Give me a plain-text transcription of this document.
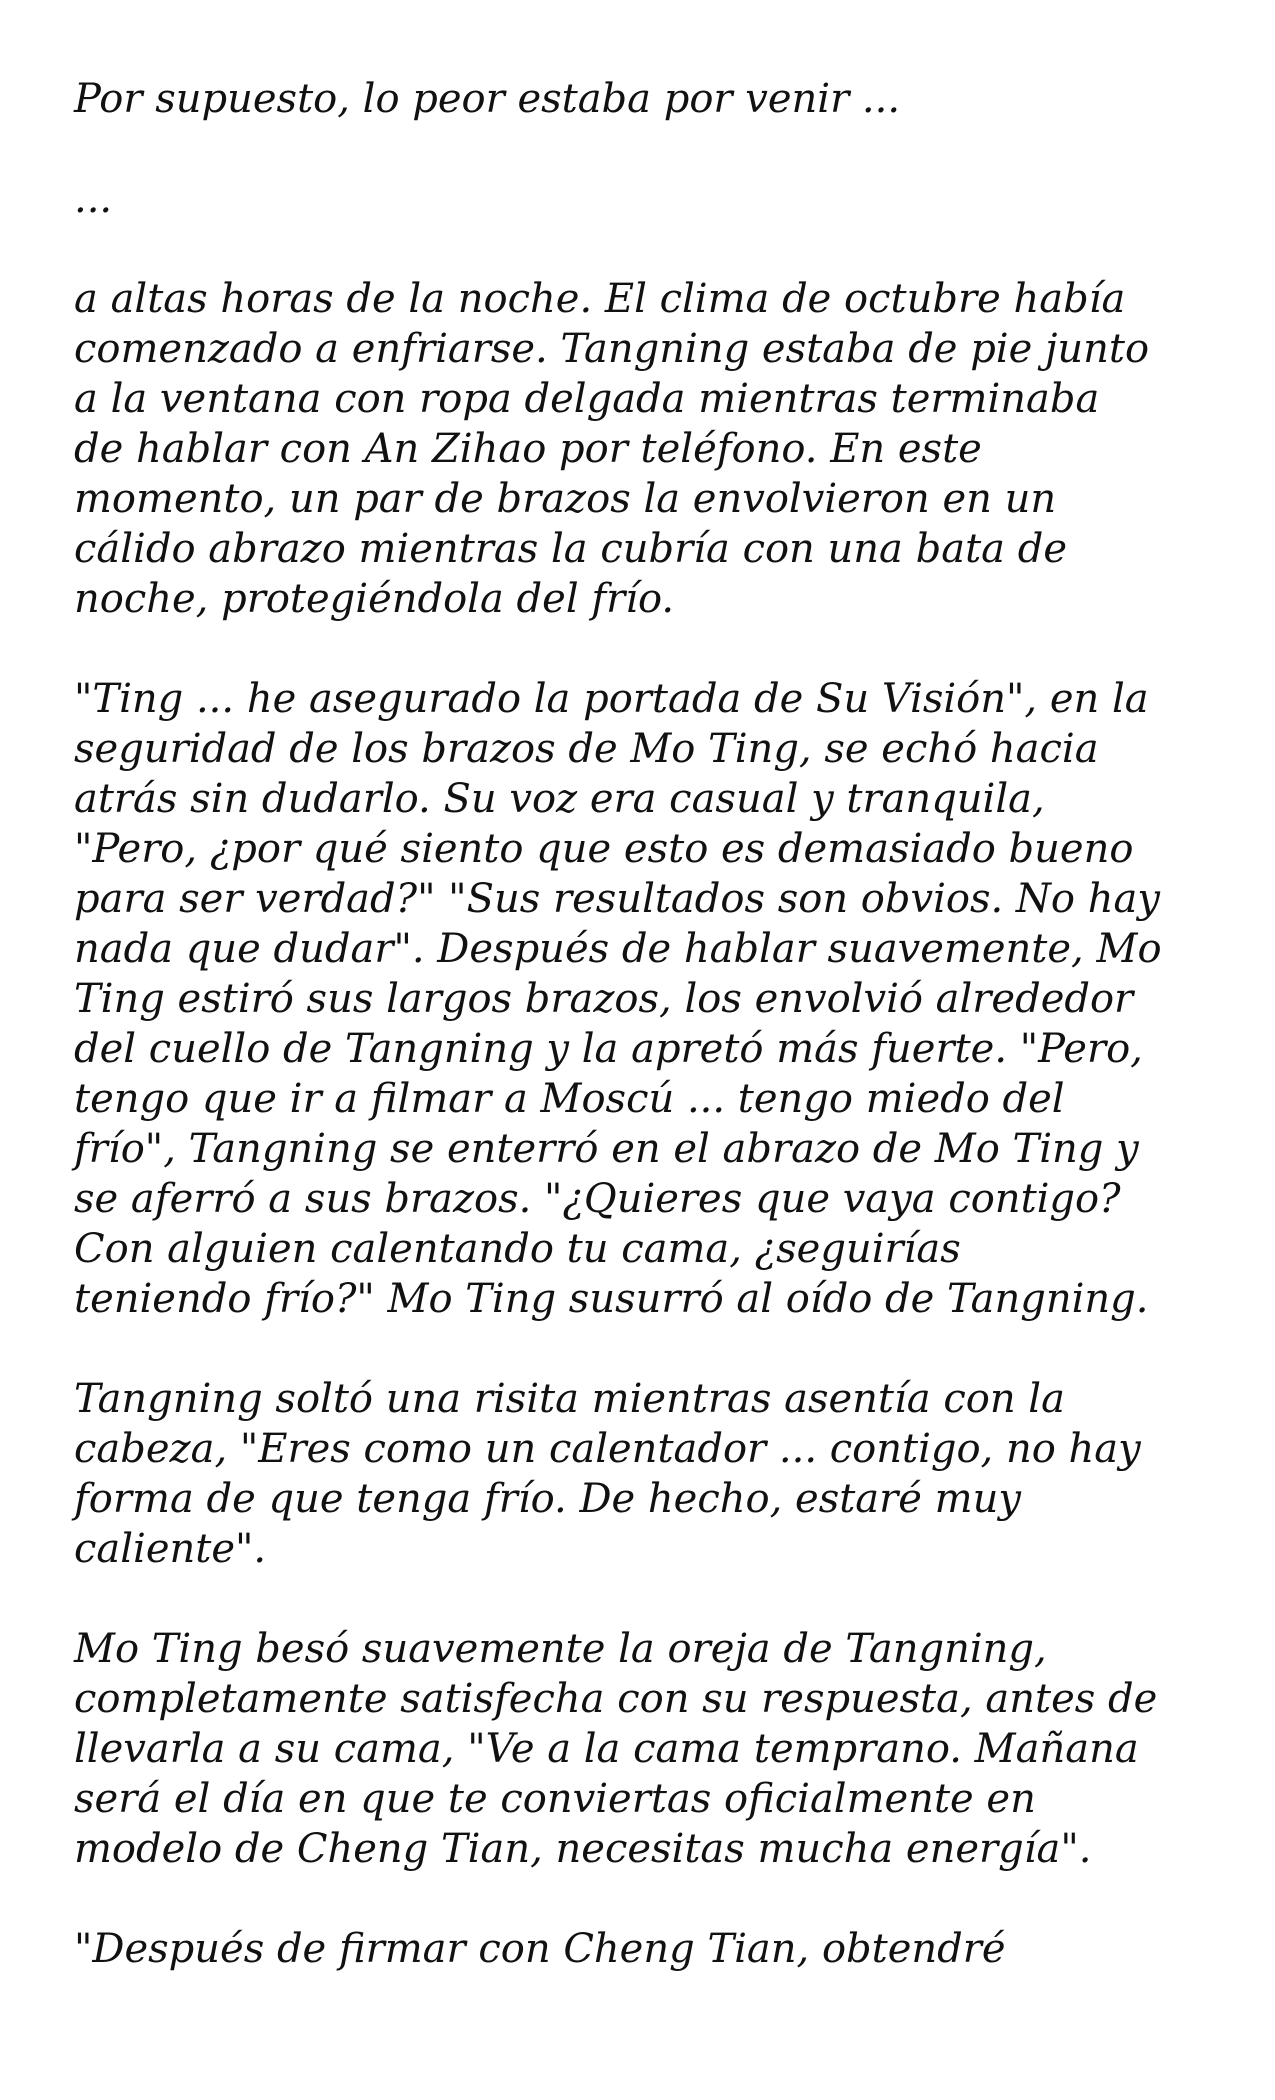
Por supuesto, lo peor estaba por venir ...

...

a altas horas de la noche. El clima de octubre había
comenzado a enfriarse. Tangning estaba de pie junto
a la ventana con ropa delgada mientras terminaba
de hablar con An Zihao por teléfono. En este
momento, un par de brazos la envolvieron en un
cálido abrazo mientras la cubría con una bata de
noche, protegiéndola del frío.

"Ting ... he asegurado la portada de Su Visión", en la
seguridad de los brazos de Mo Ting, se echó hacia
atrás sin dudarlo. Su voz era casual y tranquila,
"Pero, ¿por qué siento que esto es demasiado bueno
para ser verdad?" "Sus resultados son obvios. No hay
nada que dudar". Después de hablar suavemente, Mo
Ting estiró sus largos brazos, los envolvió alrededor
del cuello de Tangning y la apretó más fuerte. "Pero,
tengo que ir a filmar a Moscú ... tengo miedo del
frío", Tangning se enterró en el abrazo de Mo Ting y
se aferró a sus brazos. "¿Quieres que vaya contigo?
Con alguien calentando tu cama, ¿seguirías
teniendo frío?" Mo Ting susurró al oído de Tangning.

Tangning soltó una risita mientras asentía con la
cabeza, "Eres como un calentador ... contigo, no hay
forma de que tenga frío. De hecho, estaré muy
caliente".

Mo Ting besó suavemente la oreja de Tangning,
completamente satisfecha con su respuesta, antes de
llevarla a su cama, "Ve a la cama temprano. Mañana
será el día en que te conviertas oficialmente en
modelo de Cheng Tian, necesitas mucha energía".

"Después de firmar con Cheng Tian, obtendré
